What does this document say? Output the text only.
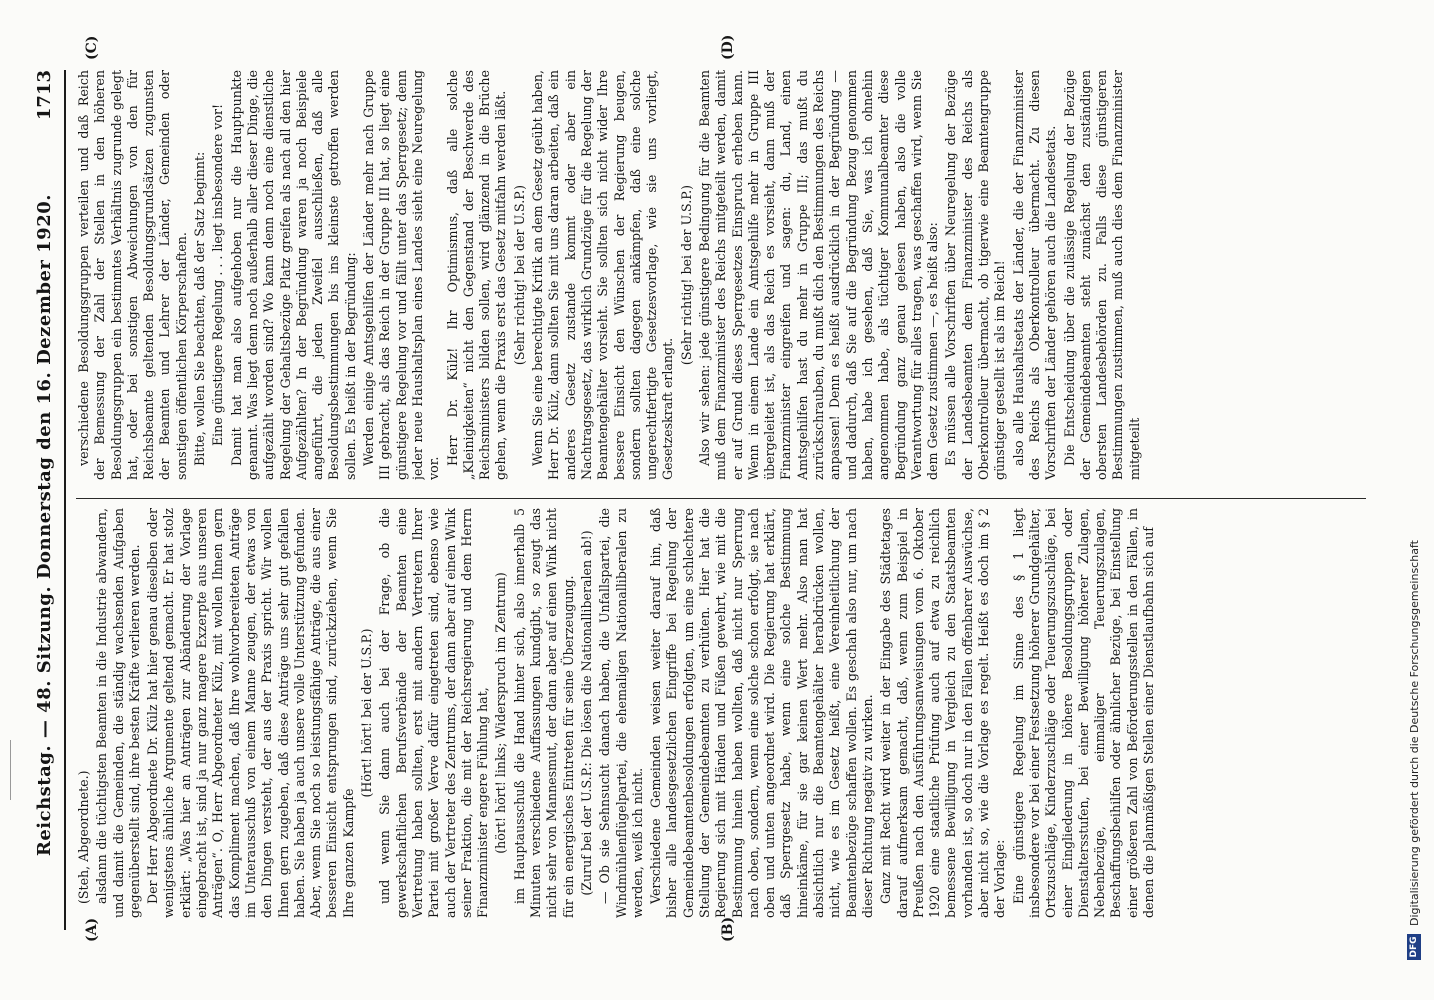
Reichstag. — 48. Sitzung. Donnerstag den 16. Dezember 1920.
1713
(A)	(B)
(C)	(D)

(Steh, Abgeordnete.) alsdann die tüchtigsten Beamten in die Industrie abwandern, und damit die Gemeinden, die ständig wachsenden Aufgaben gegenüberstellt sind, ihre besten Kräfte verlieren werden. Der Herr Abgeordnete Dr. Külz hat hier genau dieselben oder wenigstens ähnliche Argumente geltend gemacht. Er hat stolz erklärt: „Was hier an Anträgen zur Abänderung der Vorlage eingebracht ist, sind ja nur ganz magere Exzerpte aus unseren Anträgen“. O, Herr Abgeordneter Külz, mit wollen Ihnen gern das Kompliment machen, daß Ihre wohlvorbereiteten Anträge im Unterausschuß von einem Manne zeugen, der etwas von den Dingen versteht, der aus der Praxis spricht. Wir wollen Ihnen gern zugeben, daß diese Anträge uns sehr gut gefallen haben. Sie haben ja auch unsere volle Unterstützung gefunden. Aber, wenn Sie noch so leistungsfähige Anträge, die aus einer besseren Einsicht entsprungen sind, zurückziehen, wenn Sie Ihre ganzen Kampfe

(Hört! hört! bei der U.S.P.) und wenn Sie dann auch bei der Frage, ob die gewerkschaftlichen Berufsverbände der Beamten eine Vertretung haben sollten, erst mit andern Vertretern Ihrer Partei mit großer Verve dafür eingetreten sind, ebenso wie auch der Vertreter des Zentrums, der dann aber auf einen Wink seiner Fraktion, die mit der Reichsregierung und dem Herrn Finanzminister engere Fühlung hat, (hört! hört! links; Widerspruch im Zentrum) im Hauptausschuß die Hand hinter sich, also innerhalb 5 Minuten verschiedene Auffassungen kundgibt, so zeugt das nicht sehr von Mannesmut, der dann aber auf einen Wink nicht für ein energisches Eintreten für seine Überzeugung. (Zuruf bei der U.S.P.: Die lösen die Nationalliberalen ab!) — Ob sie Sehnsucht danach haben, die Unfallspartei, die Windmühlenflügelpartei, die ehemaligen Nationalliberalen zu werden, weiß ich nicht. Verschiedene Gemeinden weisen weiter darauf hin, daß bisher alle landesgesetzlichen Eingriffe bei Regelung der Gemeindebeamtenbesoldungen erfolgten, um eine schlechtere Stellung der Gemeindebeamten zu verhüten. Hier hat die Regierung sich mit Händen und Füßen gewehrt, wie mit die Bestimmung hinein haben wollten, daß nicht nur Sperrung nach oben, sondern, wenn eine solche schon erfolgt, sie nach oben und unten angeordnet wird. Die Regierung hat erklärt, daß Sperrgesetz habe, wenn eine solche Bestimmung hineinkäme, für sie gar keinen Wert mehr. Also man hat absichtlich nur die Beamtengehälter herabdrücken wollen, nicht, wie es im Gesetz heißt, eine Vereinheitlichung der Beamtenbezüge schaffen wollen. Es geschah also nur, um nach dieser Richtung negativ zu wirken. Ganz mit Recht wird weiter in der Eingabe des Städtetages darauf aufmerksam gemacht, daß, wenn zum Beispiel in Preußen nach den Ausführungsanweisungen vom 6. Oktober 1920 eine staatliche Prüfung auch auf etwa zu reichlich bemessene Bewilligung in Vergleich zu den Staatsbeamten vorhanden ist, so doch nur in den Fällen offenbarer Auswüchse, aber nicht so, wie die Vorlage es regelt. Heißt es doch im § 2 der Vorlage: Eine günstigere Regelung im Sinne des § 1 liegt insbesondere vor bei einer Festsetzung höherer Grundgehälter, Ortszuschläge, Kinderzuschläge oder Teuerungszuschläge, bei einer Eingliederung in höhere Besoldungsgruppen oder Dienstaltersstufen, bei einer Bewilligung höherer Zulagen, Nebenbezüge, einmaliger Teuerungszulagen, Beschaffungsbeihilfen oder ähnlicher Bezüge, bei Einstellung einer größeren Zahl von Beförderungsstellen in den Fällen, in denen die planmäßigen Stellen einer Dienstlaufbahn sich auf

verschiedene Besoldungsgruppen verteilen und daß Reich der Bemessung der Zahl der Stellen in den höheren Besoldungsgruppen ein bestimmtes Verhältnis zugrunde gelegt hat, oder bei sonstigen Abweichungen von den für Reichsbeamte geltenden Besoldungsgrundsätzen zugunsten der Beamten und Lehrer der Länder, Gemeinden oder sonstigen öffentlichen Körperschaften. Bitte, wollen Sie beachten, daß der Satz beginnt: Eine günstigere Regelung . . . liegt insbesondere vor! Damit hat man also aufgehoben nur die Hauptpunkte genannt. Was liegt denn noch außerhalb aller dieser Dinge, die aufgezählt worden sind? Wo kann denn noch eine dienstliche Regelung der Gehaltsbezüge Platz greifen als nach all den hier Aufgezählten? In der Begründung waren ja noch Beispiele angeführt, die jeden Zweifel ausschließen, daß alle Besoldungsbestimmungen bis ins kleinste getroffen werden sollen. Es heißt in der Begründung: Werden einige Amtsgehilfen der Länder mehr nach Gruppe III gebracht, als das Reich in der Gruppe III hat, so liegt eine günstigere Regelung vor und fällt unter das Sperrgesetz; denn jeder neue Haushaltsplan eines Landes sieht eine Neuregelung vor.

Herr Dr. Külz! Ihr Optimismus, daß alle solche „Kleinigkeiten“ nicht den Gegenstand der Beschwerde des Reichsministers bilden sollen, wird glänzend in die Brüche gehen, wenn die Praxis erst das Gesetz mitfahn werden läßt. (Sehr richtig! bei der U.S.P.) Wenn Sie eine berechtigte Kritik an dem Gesetz geübt haben, Herr Dr. Külz, dann sollten Sie mit uns daran arbeiten, daß ein anderes Gesetz zustande kommt oder aber ein Nachtragsgesetz, das wirklich Grundzüge für die Regelung der Beamtengehälter vorsieht. Sie sollten sich nicht wider Ihre bessere Einsicht den Wünschen der Regierung beugen, sondern sollten dagegen ankämpfen, daß eine solche ungerechtfertigte Gesetzesvorlage, wie sie uns vorliegt, Gesetzeskraft erlangt.

(Sehr richtig! bei der U.S.P.) Also wir sehen: jede günstigere Bedingung für die Beamten muß dem Finanzminister des Reichs mitgeteilt werden, damit er auf Grund dieses Sperrgesetzes Einspruch erheben kann. Wenn in einem Lande ein Amtsgehilfe mehr in Gruppe III übergeleitet ist, als das Reich es vorsieht, dann muß der Finanzminister eingreifen und sagen: du, Land, einen Amtsgehilfen hast du mehr in Gruppe III; das mußt du zurückschrauben, du mußt dich den Bestimmungen des Reichs anpassen! Denn es heißt ausdrücklich in der Begründung — und dadurch, daß Sie auf die Begründung Bezug genommen haben, habe ich gesehen, daß Sie, was ich ohnehin angenommen habe, als tüchtiger Kommunalbeamter diese Begründung ganz genau gelesen haben, also die volle Verantwortung für alles tragen, was geschaffen wird, wenn Sie dem Gesetz zustimmen —, es heißt also: Es müssen alle Vorschriften über Neuregelung der Bezüge der Landesbeamten dem Finanzminister des Reichs als Oberkontrolleur übermacht, ob tigerwie eine Beamtengruppe günstiger gestellt ist als im Reich! also alle Haushaltsetats der Länder, die der Finanzminister des Reichs als Oberkontrolleur übermacht. Zu diesen Vorschriften der Länder gehören auch die Landesetats. Die Entscheidung über die zulässige Regelung der Bezüge der Gemeindebeamten steht zunächst den zuständigen obersten Landesbehörden zu. Falls diese günstigeren Bestimmungen zustimmen, muß auch dies dem Finanzminister mitgeteilt

DFG
Digitalisierung gefördert durch die Deutsche Forschungsgemeinschaft
